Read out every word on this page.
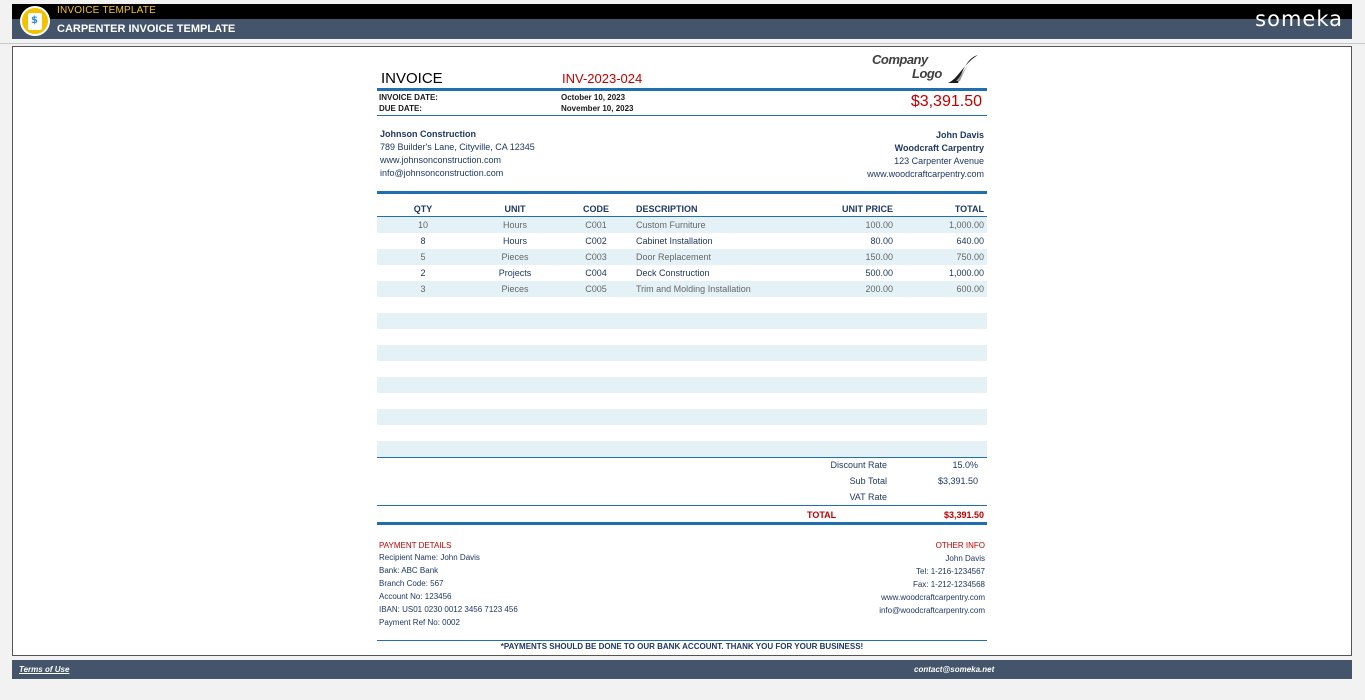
$
INVOICE TEMPLATE
CARPENTER INVOICE TEMPLATE	someka
INVOICE	INV-2023-024
Company
Logo
INVOICE DATE:	October 10, 2023
DUE DATE:	November 10, 2023	$3,391.50
Johnson Construction
789 Builder's Lane, Cityville, CA 12345
www.johnsonconstruction.com
info@johnsonconstruction.com
John Davis
Woodcraft Carpentry
123 Carpenter Avenue
www.woodcraftcarpentry.com
QTY	UNIT	CODE	DESCRIPTION	UNIT PRICE	TOTAL
10	Hours	C001	Custom Furniture	100.00	1,000.00
8	Hours	C002	Cabinet Installation	80.00	640.00
5	Pieces	C003	Door Replacement	150.00	750.00
2	Projects	C004	Deck Construction	500.00	1,000.00
3	Pieces	C005	Trim and Molding Installation	200.00	600.00
Discount Rate	15.0%
Sub Total	$3,391.50
VAT Rate
TOTAL	$3,391.50
PAYMENT DETAILS
Recipient Name: John Davis
Bank: ABC Bank
Branch Code: 567
Account No: 123456
IBAN: US01 0230 0012 3456 7123 456
Payment Ref No: 0002
OTHER INFO
John Davis
Tel: 1-216-1234567
Fax: 1-212-1234568
www.woodcraftcarpentry.com
info@woodcraftcarpentry.com
*PAYMENTS SHOULD BE DONE TO OUR BANK ACCOUNT. THANK YOU FOR YOUR BUSINESS!
Terms of Use	contact@someka.net
